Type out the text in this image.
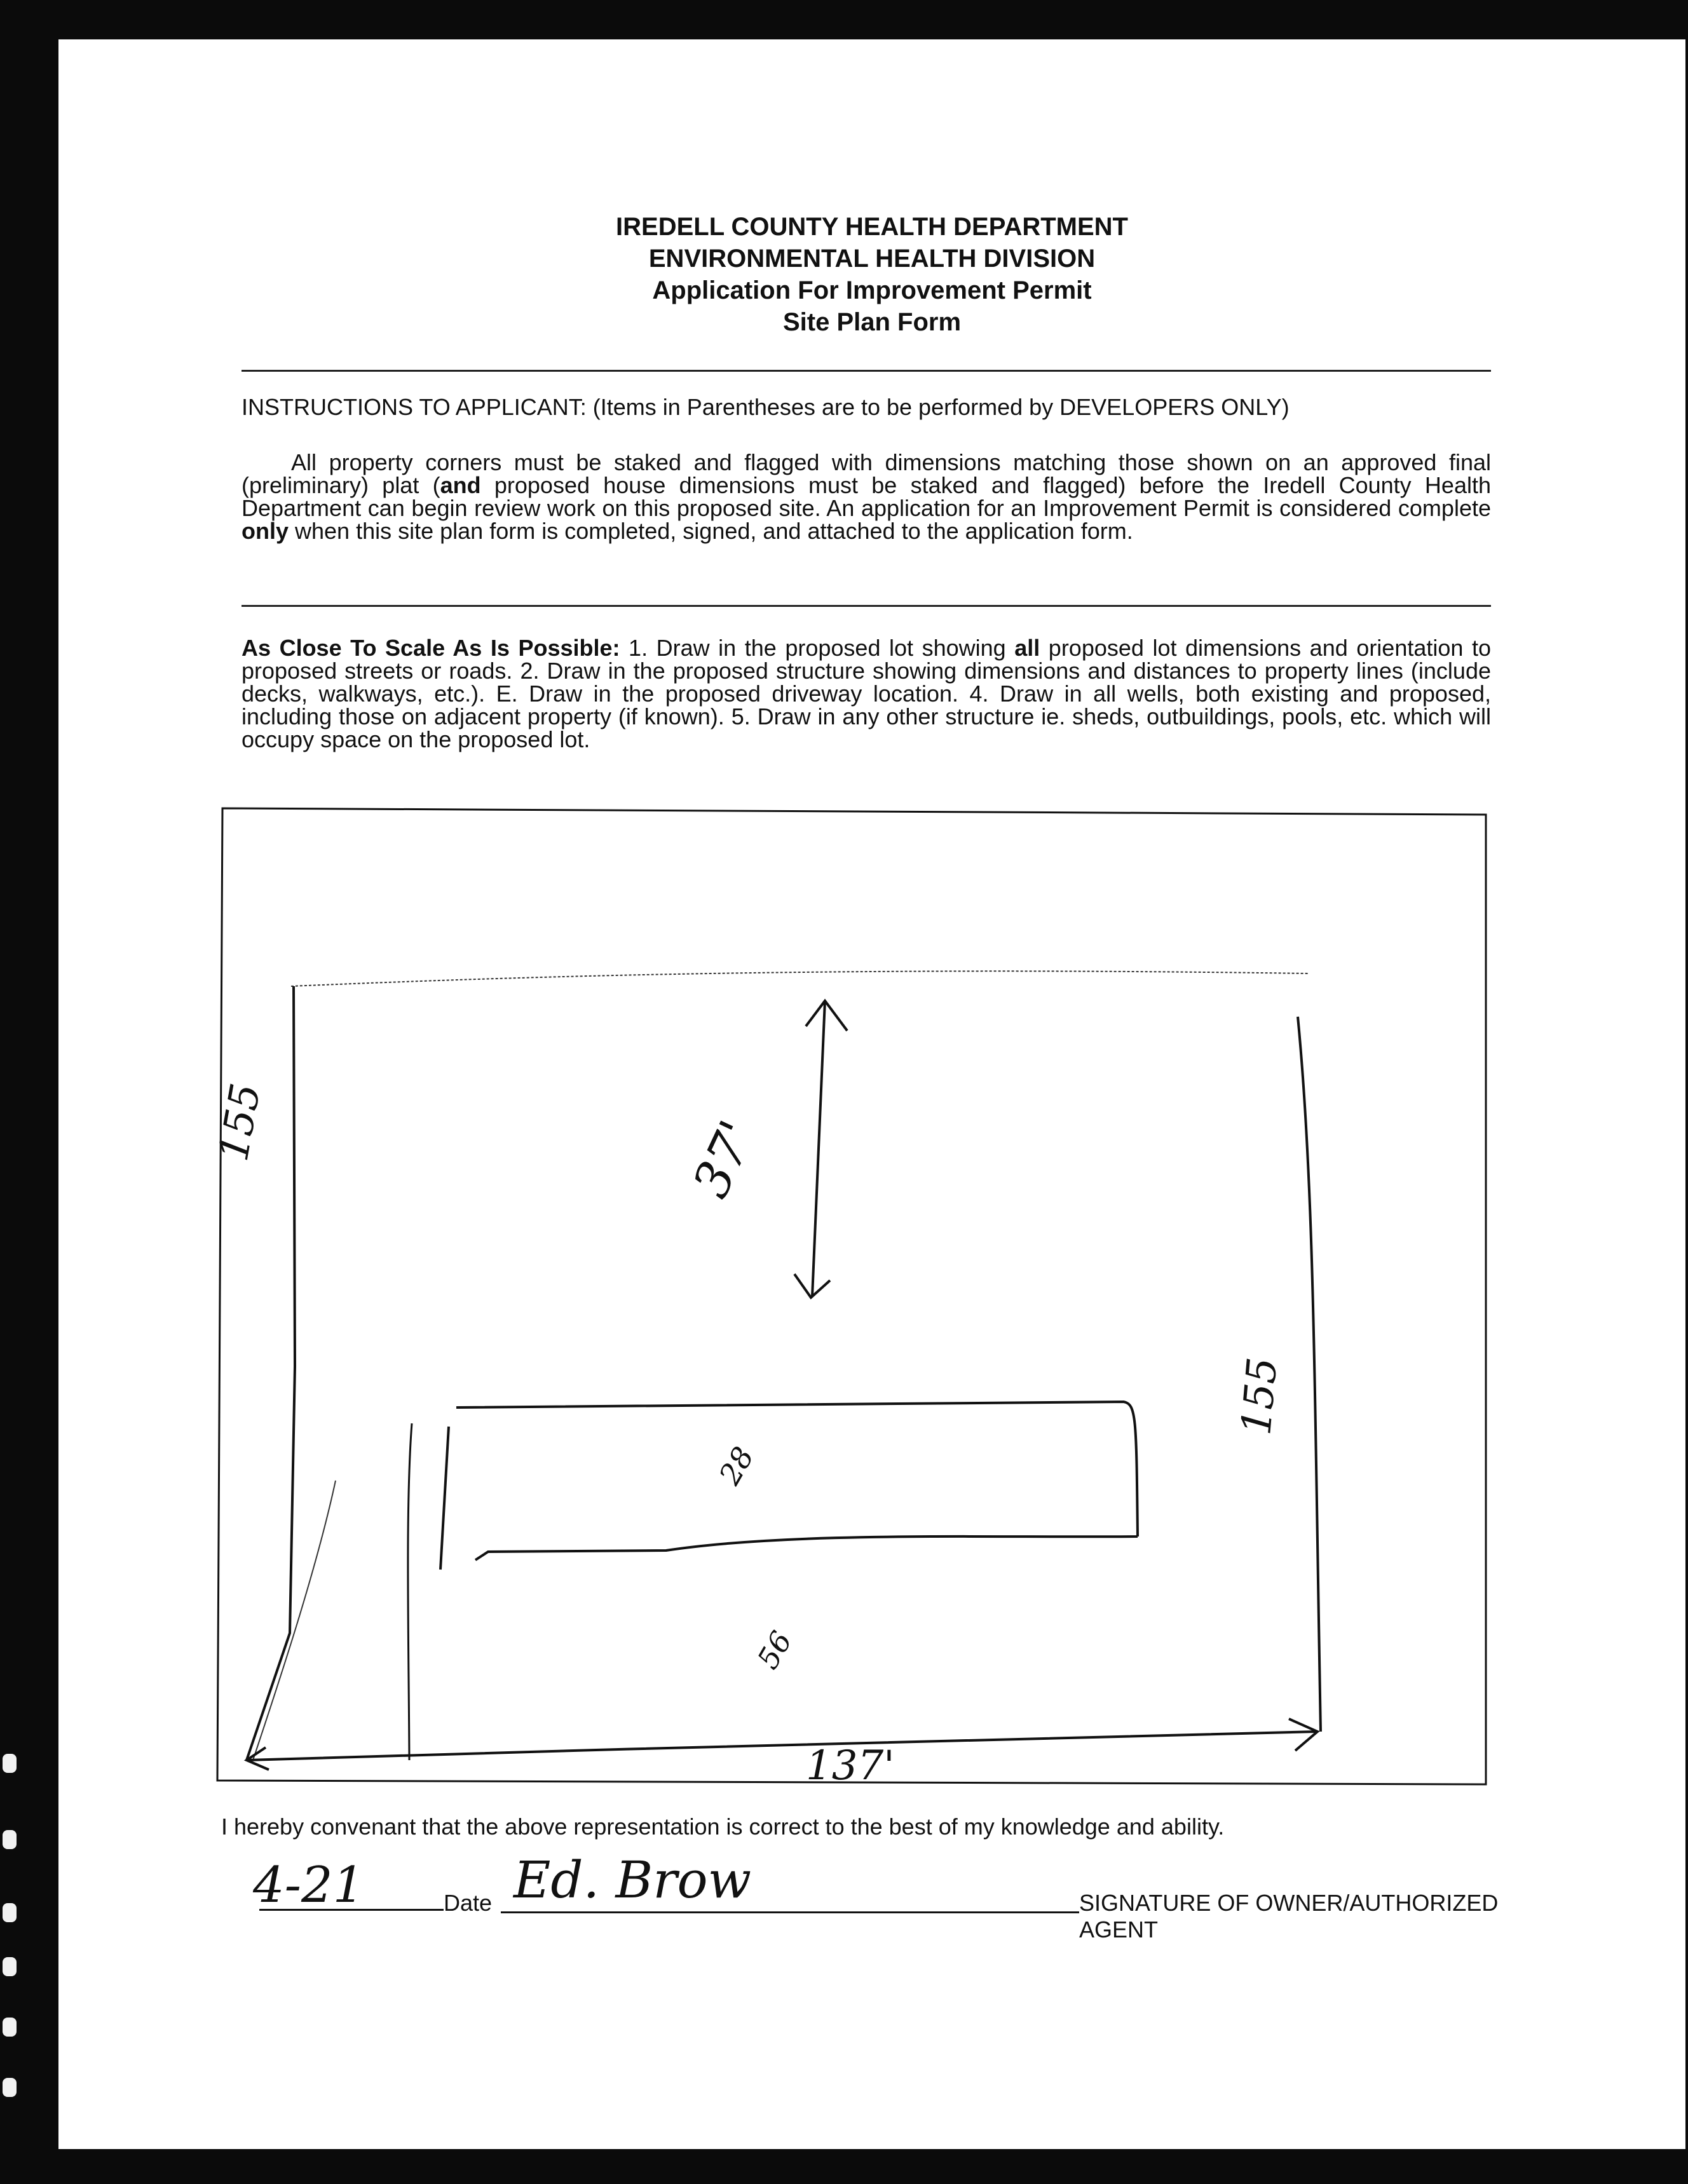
IREDELL COUNTY HEALTH DEPARTMENT
ENVIRONMENTAL HEALTH DIVISION
Application For Improvement Permit
Site Plan Form
INSTRUCTIONS TO APPLICANT: (Items in Parentheses are to be performed by DEVELOPERS ONLY)
All property corners must be staked and flagged with dimensions matching those shown on an approved final (preliminary) plat (and proposed house dimensions must be staked and flagged) before the Iredell County Health Department can begin review work on this proposed site. An application for an Improvement Permit is considered complete only when this site plan form is completed, signed, and attached to the application form.
As Close To Scale As Is Possible: 1. Draw in the proposed lot showing all proposed lot dimensions and orientation to proposed streets or roads. 2. Draw in the proposed structure showing dimensions and distances to property lines (include decks, walkways, etc.). E. Draw in the proposed driveway location. 4. Draw in all wells, both existing and proposed, including those on adjacent property (if known). 5. Draw in any other structure ie. sheds, outbuildings, pools, etc. which will occupy space on the proposed lot.
155
155
37'
28
56
137'
I hereby convenant that the above representation is correct to the best of my knowledge and ability.
4-21	Date Ed. Brow	SIGNATURE OF OWNER/AUTHORIZED AGENT
